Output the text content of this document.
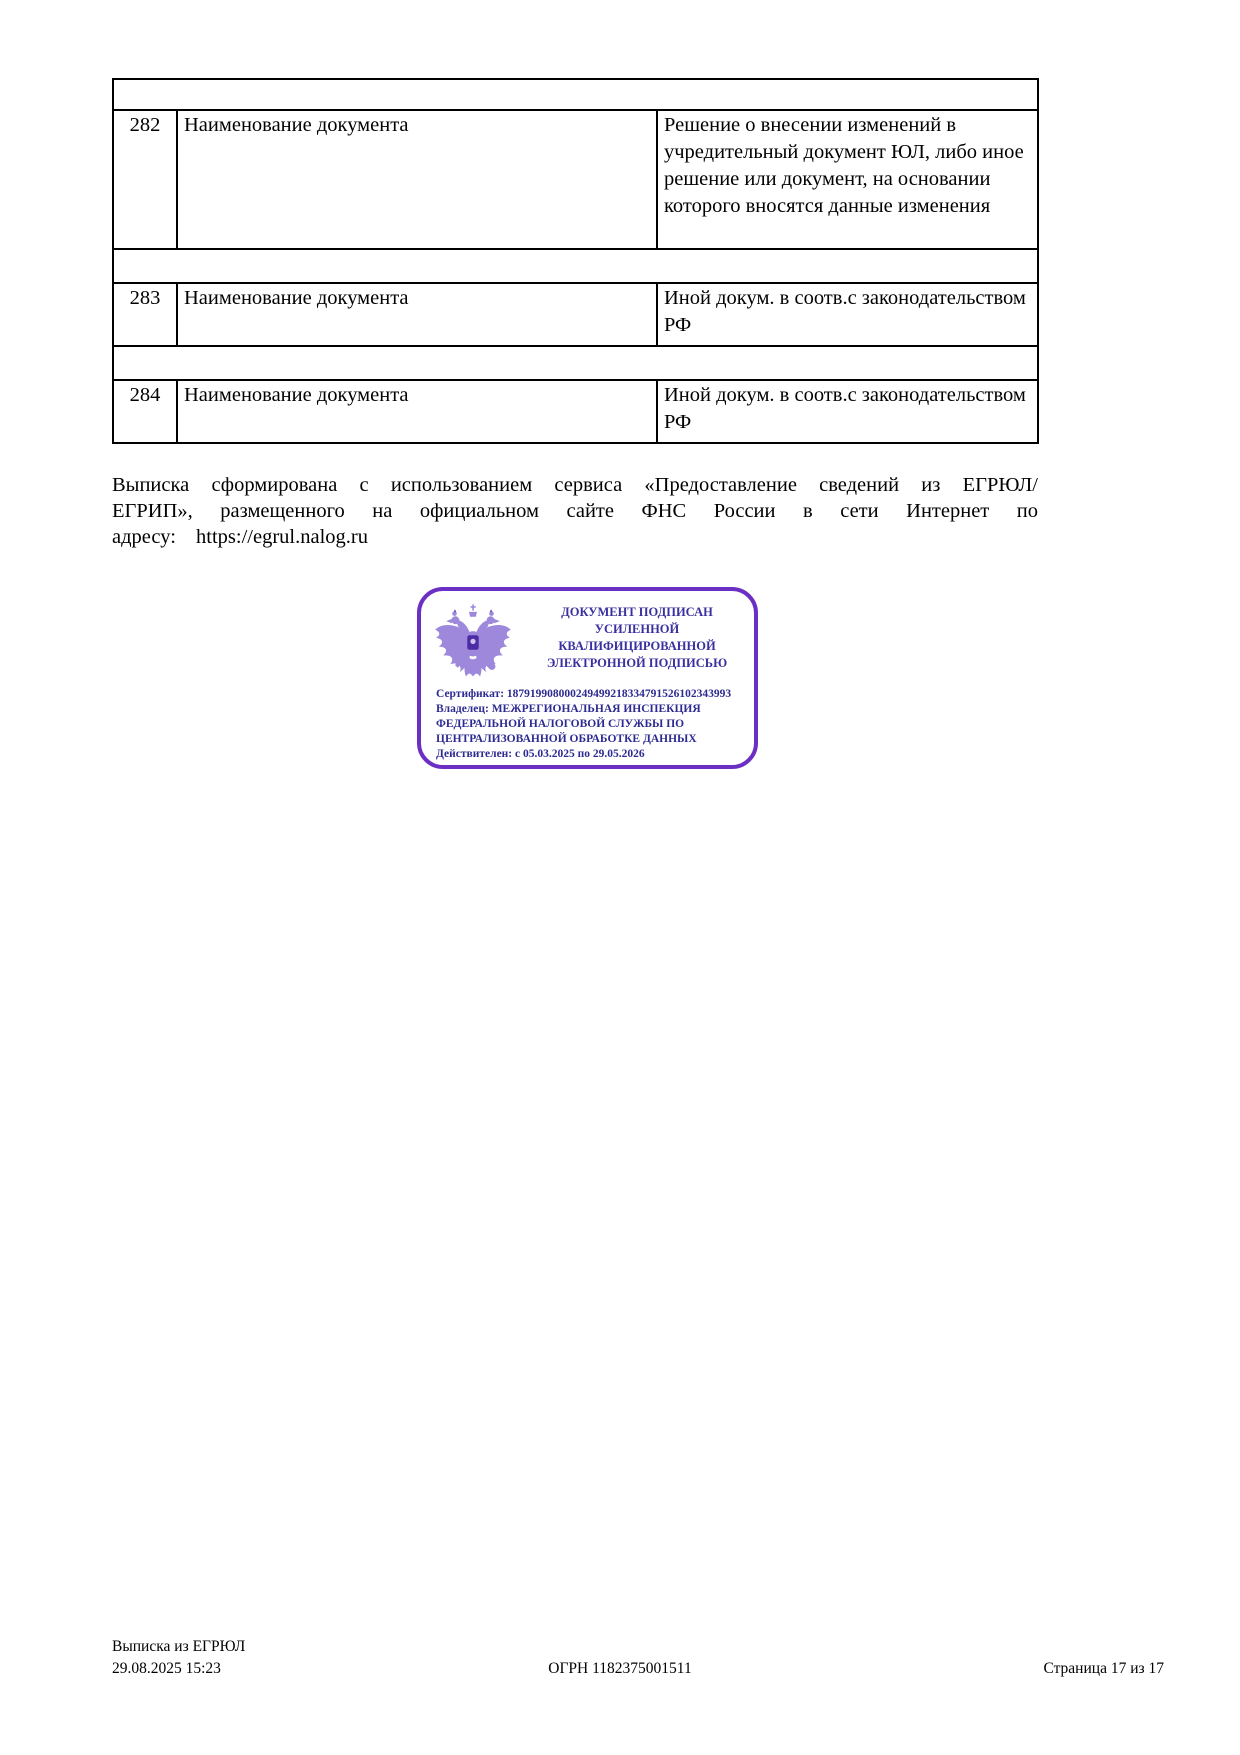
282	Наименование документа	Решение о внесении изменений в учредительный документ ЮЛ, либо иное решение или документ, на основании которого вносятся данные изменения

283	Наименование документа	Иной докум. в соотв.с законодательством РФ

284	Наименование документа	Иной докум. в соотв.с законодательством РФ
Выписка сформирована с использованием сервиса «Предоставление сведений из ЕГРЮЛ/ЕГРИП», размещенного на официальном сайте ФНС России в сети Интернет по адресу: https://egrul.nalog.ru
ДОКУМЕНТ ПОДПИСАН
УСИЛЕННОЙ КВАЛИФИЦИРОВАННОЙ
ЭЛЕКТРОННОЙ ПОДПИСЬЮ

Сертификат: 187919908000249499218334791526102343993

Владелец: МЕЖРЕГИОНАЛЬНАЯ ИНСПЕКЦИЯ ФЕДЕРАЛЬНОЙ НАЛОГОВОЙ СЛУЖБЫ ПО ЦЕНТРАЛИЗОВАННОЙ ОБРАБОТКЕ ДАННЫХ

Действителен: с 05.03.2025 по 29.05.2026

Выписка из ЕГРЮЛ
29.08.2025 15:23	ОГРН 1182375001511	Страница 17 из 17
